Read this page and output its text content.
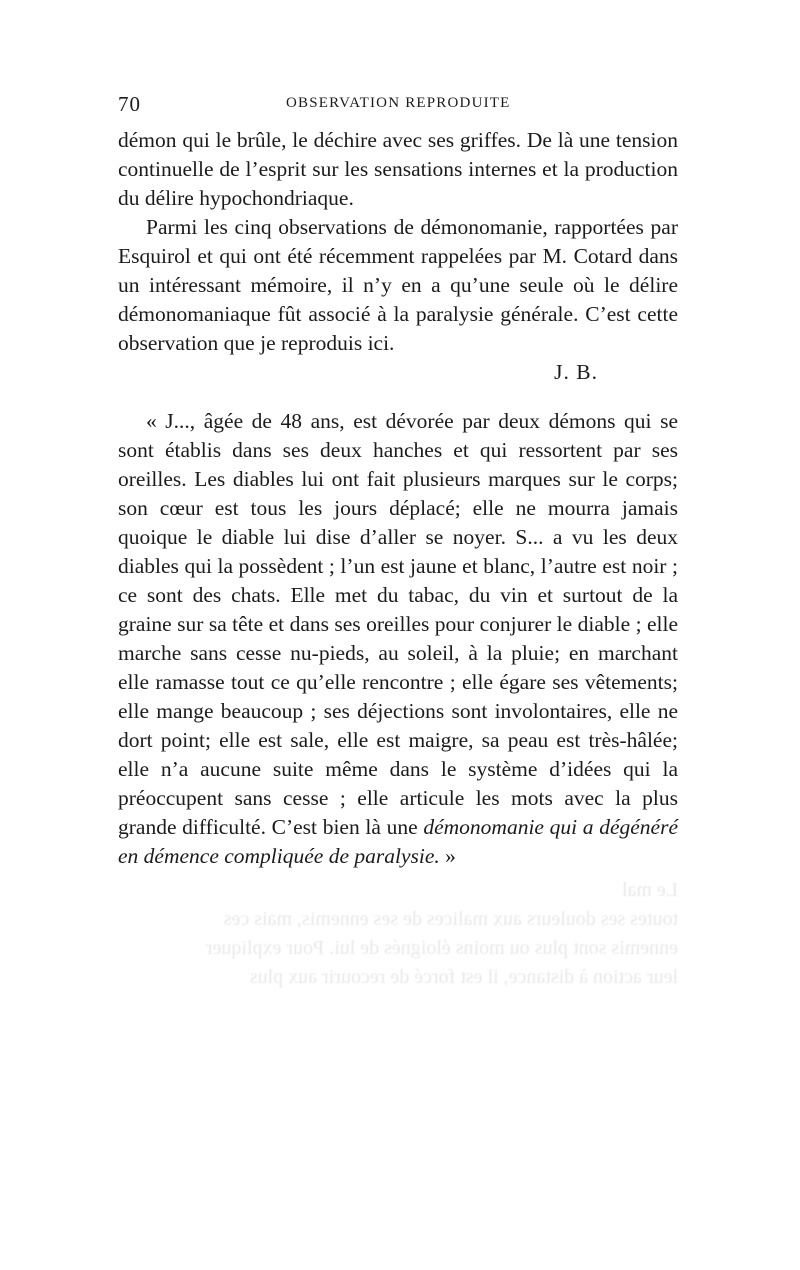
70	OBSERVATION REPRODUITE

démon qui le brûle, le déchire avec ses griffes. De là une tension continuelle de l’esprit sur les sensations internes et la production du délire hypochondriaque.

Parmi les cinq observations de démonomanie, rapportées par Esquirol et qui ont été récemment rappelées par M. Cotard dans un intéressant mémoire, il n’y en a qu’une seule où le délire démonomaniaque fût associé à la paralysie générale. C’est cette observation que je reproduis ici.

J. B.

« J..., âgée de 48 ans, est dévorée par deux démons qui se sont établis dans ses deux hanches et qui ressortent par ses oreilles. Les diables lui ont fait plusieurs marques sur le corps; son cœur est tous les jours déplacé; elle ne mourra jamais quoique le diable lui dise d’aller se noyer. S... a vu les deux diables qui la possèdent ; l’un est jaune et blanc, l’autre est noir ; ce sont des chats. Elle met du tabac, du vin et surtout de la graine sur sa tête et dans ses oreilles pour conjurer le diable ; elle marche sans cesse nu-pieds, au soleil, à la pluie; en marchant elle ramasse tout ce qu’elle rencontre ; elle égare ses vêtements; elle mange beaucoup ; ses déjections sont involontaires, elle ne dort point; elle est sale, elle est maigre, sa peau est très-hâlée; elle n’a aucune suite même dans le système d’idées qui la préoccupent sans cesse ; elle articule les mots avec la plus grande difficulté. C’est bien là une démonomanie qui a dégénéré en démence compliquée de paralysie. »

Le mal
toutes ses douleurs aux malices de ses ennemis, mais ces
ennemis sont plus ou moins éloignés de lui. Pour expliquer
leur action à distance, il est forcé de recourir aux plus
